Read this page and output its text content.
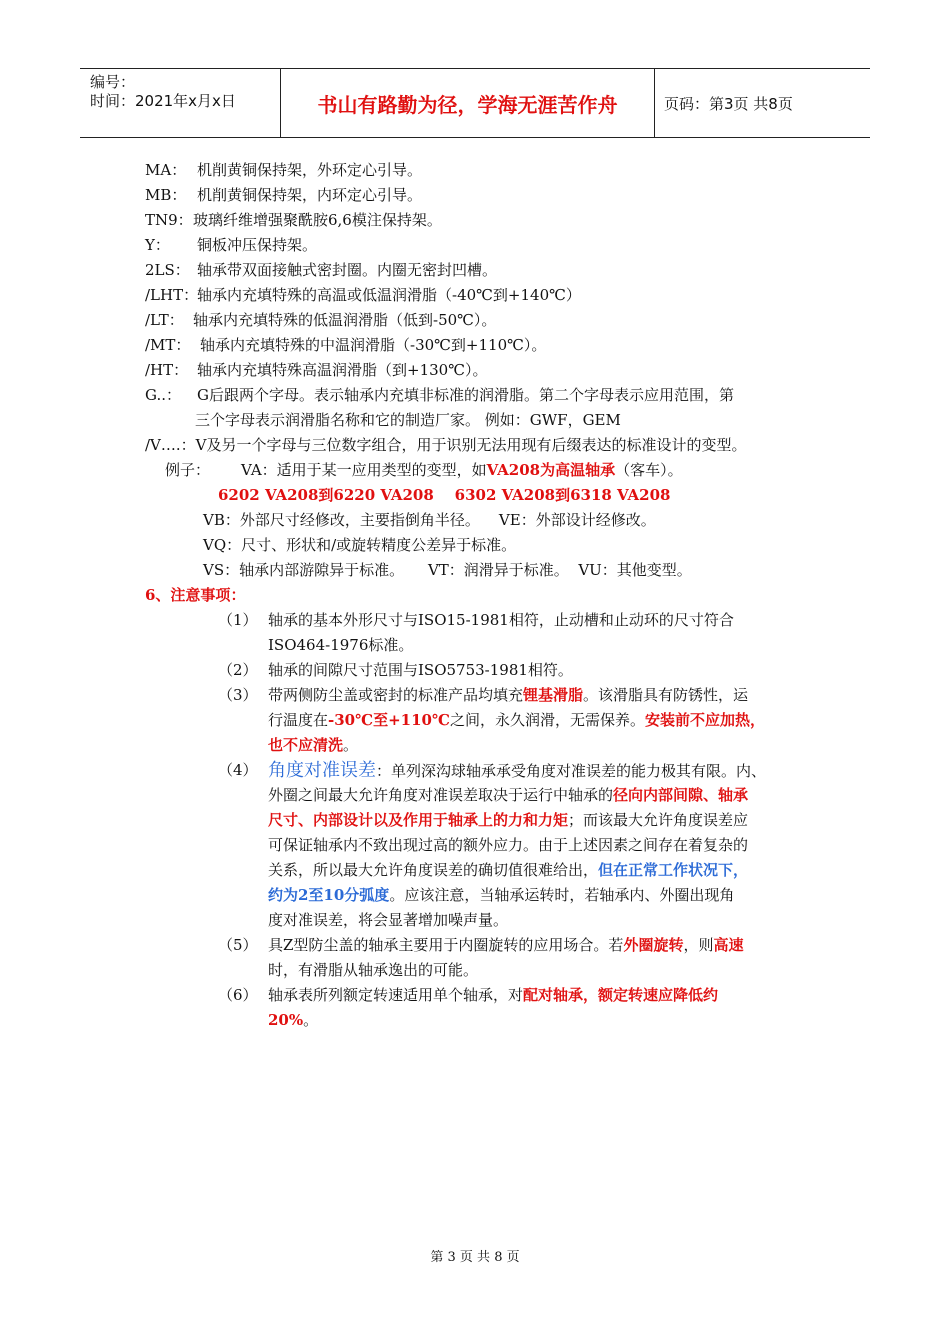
编号：
时间：2021年x月x日	书山有路勤为径，学海无涯苦作舟	页码：第3页 共8页
MA： 机削黄铜保持架，外环定心引导。
MB： 机削黄铜保持架，内环定心引导。
TN9：玻璃纤维增强聚酰胺6,6模注保持架。
Y： 铜板冲压保持架。
2LS： 轴承带双面接触式密封圈。内圈无密封凹槽。
/LHT：轴承内充填特殊的高温或低温润滑脂（-40℃到+140℃）
/LT： 轴承内充填特殊的低温润滑脂（低到-50℃）。
/MT： 轴承内充填特殊的中温润滑脂（-30℃到+110℃）。
/HT： 轴承内充填特殊高温润滑脂（到+130℃）。
G..： G后跟两个字母。表示轴承内充填非标准的润滑脂。第二个字母表示应用范围，第
三个字母表示润滑脂名称和它的制造厂家。 例如：GWF，GEM
/V….：V及另一个字母与三位数字组合，用于识别无法用现有后缀表达的标准设计的变型。
例子： VA：适用于某一应用类型的变型，如VA208为高温轴承（客车）。
6202 VA208到6220 VA208    6302 VA208到6318 VA208
VB：外部尺寸经修改，主要指倒角半径。    VE：外部设计经修改。
VQ：尺寸、形状和/或旋转精度公差异于标准。
VS：轴承内部游隙异于标准。     VT：润滑异于标准。  VU：其他变型。
6、注意事项：
（1） 轴承的基本外形尺寸与ISO15-1981相符，止动槽和止动环的尺寸符合
ISO464-1976标准。
（2） 轴承的间隙尺寸范围与ISO5753-1981相符。
（3） 带两侧防尘盖或密封的标准产品均填充锂基滑脂。该滑脂具有防锈性，运
行温度在-30℃至+110℃之间，永久润滑，无需保养。安装前不应加热，
也不应清洗。
（4） 角度对准误差：单列深沟球轴承承受角度对准误差的能力极其有限。内、
外圈之间最大允许角度对准误差取决于运行中轴承的径向内部间隙、轴承
尺寸、内部设计以及作用于轴承上的力和力矩；而该最大允许角度误差应
可保证轴承内不致出现过高的额外应力。由于上述因素之间存在着复杂的
关系，所以最大允许角度误差的确切值很难给出，但在正常工作状况下，
约为2至10分弧度。应该注意，当轴承运转时，若轴承内、外圈出现角
度对准误差，将会显著增加噪声量。
（5） 具Z型防尘盖的轴承主要用于内圈旋转的应用场合。若外圈旋转，则高速
时，有滑脂从轴承逸出的可能。
（6） 轴承表所列额定转速适用单个轴承，对配对轴承，额定转速应降低约
20%。
第 3 页 共 8 页
